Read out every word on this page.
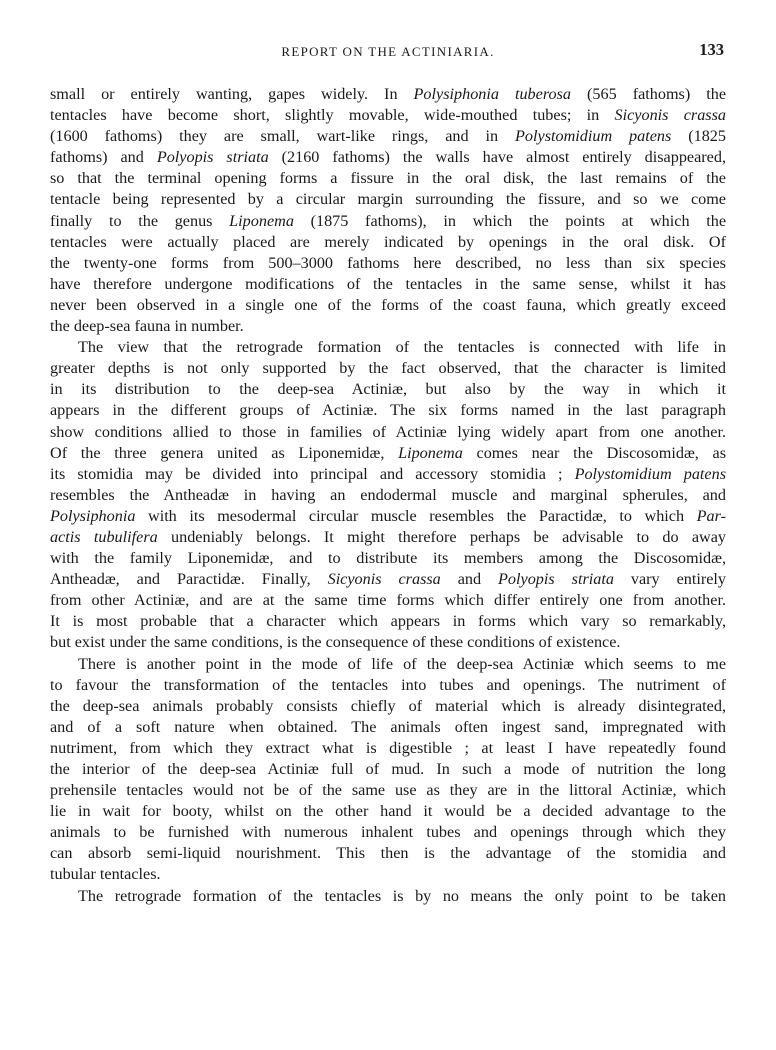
REPORT ON THE ACTINIARIA.	133

small or entirely wanting, gapes widely. In Polysiphonia tuberosa (565 fathoms) the
tentacles have become short, slightly movable, wide-mouthed tubes; in Sicyonis crassa
(1600 fathoms) they are small, wart-like rings, and in Polystomidium patens (1825
fathoms) and Polyopis striata (2160 fathoms) the walls have almost entirely disappeared,
so that the terminal opening forms a fissure in the oral disk, the last remains of the
tentacle being represented by a circular margin surrounding the fissure, and so we come
finally to the genus Liponema (1875 fathoms), in which the points at which the
tentacles were actually placed are merely indicated by openings in the oral disk. Of
the twenty-one forms from 500–3000 fathoms here described, no less than six species
have therefore undergone modifications of the tentacles in the same sense, whilst it has
never been observed in a single one of the forms of the coast fauna, which greatly exceed
the deep-sea fauna in number.

The view that the retrograde formation of the tentacles is connected with life in
greater depths is not only supported by the fact observed, that the character is limited
in its distribution to the deep-sea Actiniæ, but also by the way in which it
appears in the different groups of Actiniæ. The six forms named in the last paragraph
show conditions allied to those in families of Actiniæ lying widely apart from one another.
Of the three genera united as Liponemidæ, Liponema comes near the Discosomidæ, as
its stomidia may be divided into principal and accessory stomidia ; Polystomidium patens
resembles the Antheadæ in having an endodermal muscle and marginal spherules, and
Polysiphonia with its mesodermal circular muscle resembles the Paractidæ, to which Par-
actis tubulifera undeniably belongs. It might therefore perhaps be advisable to do away
with the family Liponemidæ, and to distribute its members among the Discosomidæ,
Antheadæ, and Paractidæ. Finally, Sicyonis crassa and Polyopis striata vary entirely
from other Actiniæ, and are at the same time forms which differ entirely one from another.
It is most probable that a character which appears in forms which vary so remarkably,
but exist under the same conditions, is the consequence of these conditions of existence.

There is another point in the mode of life of the deep-sea Actiniæ which seems to me
to favour the transformation of the tentacles into tubes and openings. The nutriment of
the deep-sea animals probably consists chiefly of material which is already disintegrated,
and of a soft nature when obtained. The animals often ingest sand, impregnated with
nutriment, from which they extract what is digestible ; at least I have repeatedly found
the interior of the deep-sea Actiniæ full of mud. In such a mode of nutrition the long
prehensile tentacles would not be of the same use as they are in the littoral Actiniæ, which
lie in wait for booty, whilst on the other hand it would be a decided advantage to the
animals to be furnished with numerous inhalent tubes and openings through which they
can absorb semi-liquid nourishment. This then is the advantage of the stomidia and
tubular tentacles.

The retrograde formation of the tentacles is by no means the only point to be taken
